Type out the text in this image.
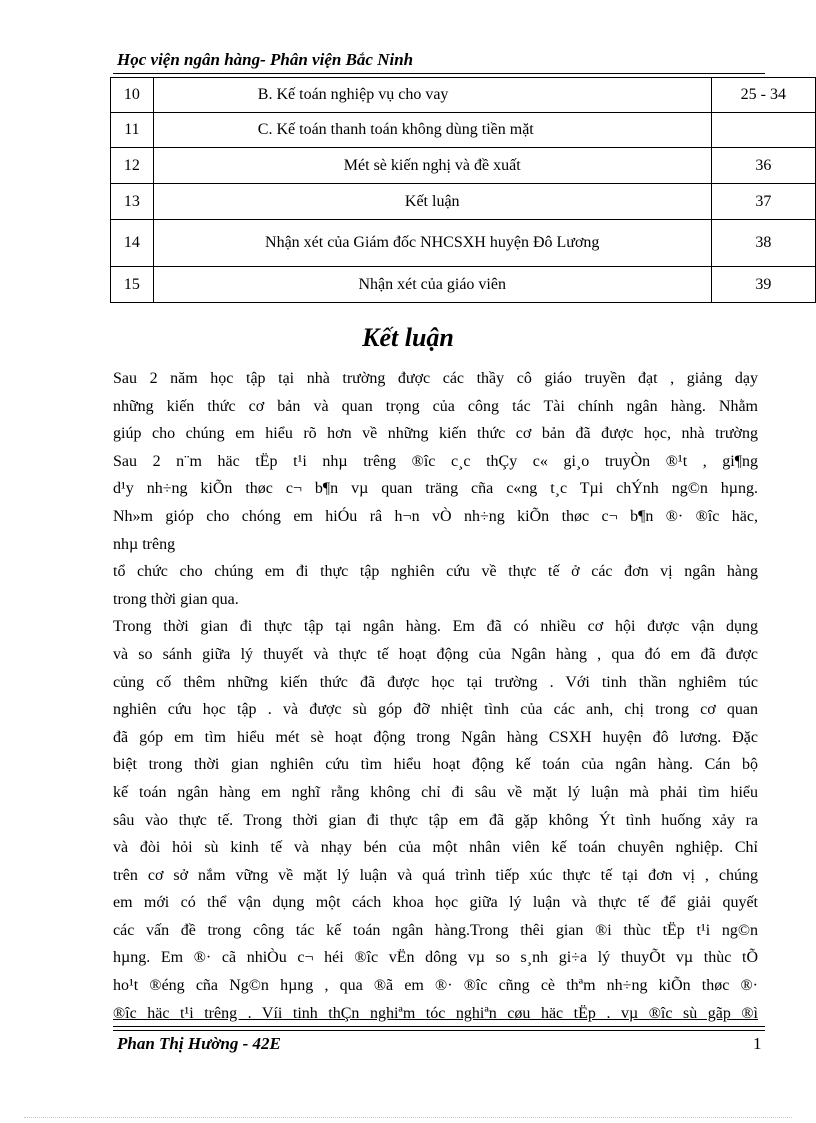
Học viện ngân hàng- Phân viện Bắc Ninh
10	B. Kế toán nghiệp vụ cho vay	25 - 34
11	C. Kế toán thanh toán không dùng tiền mặt	
12	Mét sè kiến nghị và đề xuất	36
13	Kết luận	37
14	Nhận xét của Giám đốc NHCSXH huyện Đô Lương	38
15	Nhận xét của giáo viên	39
Kết luận
Sau 2 năm học tập tại nhà trường được các thầy cô giáo truyền đạt , giảng dạy
những kiến thức cơ bản và quan trọng của công tác Tài chính ngân hàng. Nhằm
giúp cho chúng em hiểu rõ hơn về những kiến thức cơ bản đã được học, nhà trường
Sau 2 n¨m häc tËp t¹i nhµ trêng ®îc c¸c thÇy c« gi¸o truyÒn ®¹t , gi¶ng
d¹y nh÷ng kiÕn thøc c¬ b¶n vµ quan träng cña c«ng t¸c Tµi chÝnh ng©n hµng.
Nh»m gióp cho chóng em hiÓu râ h¬n vÒ nh÷ng kiÕn thøc c¬ b¶n ®· ®îc häc,
nhµ trêng
tổ chức cho chúng em đi thực tập nghiên cứu về thực tế ở các đơn vị ngân hàng
trong thời gian qua.
Trong thời gian đi thực tập tại ngân hàng. Em đã có nhiều cơ hội được vận dụng
và so sánh giữa lý thuyết và thực tế hoạt động của Ngân hàng , qua đó em đã được
củng cố thêm những kiến thức đã được học tại trường . Với tinh thần nghiêm túc
nghiên cứu học tập . và được sù góp đỡ nhiệt tình của các anh, chị trong cơ quan
đã góp em tìm hiểu mét sè hoạt động trong Ngân hàng CSXH huyện đô lương. Đặc
biệt trong thời gian nghiên cứu tìm hiểu hoạt động kế toán của ngân hàng. Cán bộ
kế toán ngân hàng em nghĩ rằng không chỉ đi sâu về mặt lý luận mà phải tìm hiểu
sâu vào thực tế. Trong thời gian đi thực tập em đã gặp không Ýt tình huống xảy ra
và đòi hỏi sù kinh tế và nhạy bén của một nhân viên kế toán chuyên nghiệp. Chỉ
trên cơ sở nắm vững về mặt lý luận và quá trình tiếp xúc thực tế tại đơn vị , chúng
em mới có thể vận dụng một cách khoa học giữa lý luận và thực tế để giải quyết
các vấn đề trong công tác kế toán ngân hàng.Trong thêi gian ®i thùc tËp t¹i ng©n
hµng. Em ®· cã nhiÒu c¬ héi ®îc vËn dông vµ so s¸nh gi÷a lý thuyÕt vµ thùc tÕ
ho¹t ®éng cña Ng©n hµng , qua ®ã em ®· ®îc cñng cè thªm nh÷ng kiÕn thøc ®·
®îc häc t¹i trêng . Víi tinh thÇn nghiªm tóc nghiªn cøu häc tËp . vµ ®îc sù gãp ®ì
Phan Thị Hường - 42E	1
